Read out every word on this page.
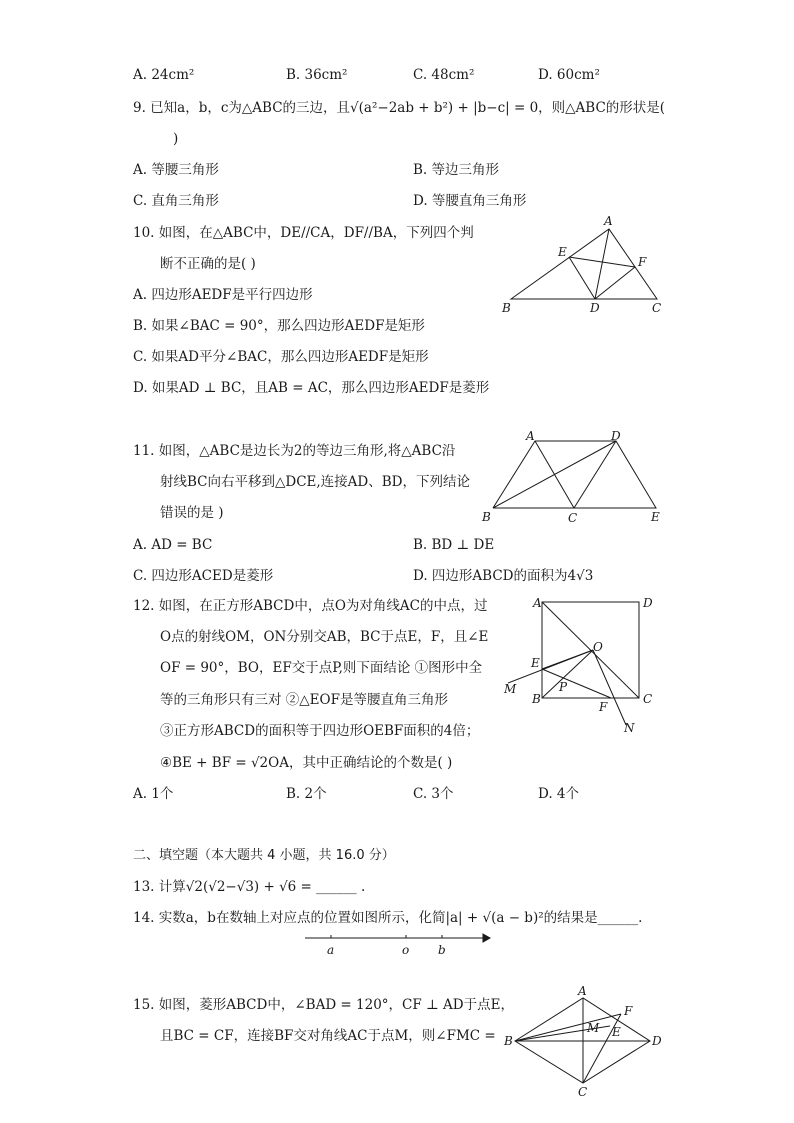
A. 24cm²	B. 36cm²	C. 48cm²	D. 60cm²
9. 已知a，b，c为△ABC的三边，且√(a²−2ab + b²) + |b−c| = 0，则△ABC的形状是(
)
A. 等腰三角形	B. 等边三角形
C. 直角三角形	D. 等腰直角三角形
10. 如图，在△ABC中，DE//CA，DF//BA，下列四个判
断不正确的是( )
A. 四边形AEDF是平行四边形
B. 如果∠BAC = 90°，那么四边形AEDF是矩形
C. 如果AD平分∠BAC，那么四边形AEDF是矩形
D. 如果AD ⊥ BC，且AB = AC，那么四边形AEDF是菱形
A
E
F
B	D	C
11. 如图，△ABC是边长为2的等边三角形,将△ABC沿
射线BC向右平移到△DCE,连接AD、BD，下列结论
错误的是 )
A. AD = BC	B. BD ⊥ DE
C. 四边形ACED是菱形	D. 四边形ABCD的面积为4√3
A	D
B	C	E
12. 如图，在正方形ABCD中，点O为对角线AC的中点，过
O点的射线OM，ON分别交AB，BC于点E，F，且∠E
OF = 90°，BO，EF交于点P,则下面结论 ①图形中全
等的三角形只有三对 ②△EOF是等腰直角三角形
③正方形ABCD的面积等于四边形OEBF面积的4倍；
④BE + BF = √2OA，其中正确结论的个数是( )
A. 1个	B. 2个	C. 3个	D. 4个
A	D
O
E
M	P
B	C
F
N
二、填空题（本大题共 4 小题，共 16.0 分）
13. 计算√2(√2−√3) + √6 = ______ .
14. 实数a，b在数轴上对应点的位置如图所示，化简|a| + √(a − b)²的结果是______.
a	o b
15. 如图，菱形ABCD中，∠BAD = 120°，CF ⊥ AD于点E，
且BC = CF，连接BF交对角线AC于点M，则∠FMC =
A
F
M E
B	D
C
